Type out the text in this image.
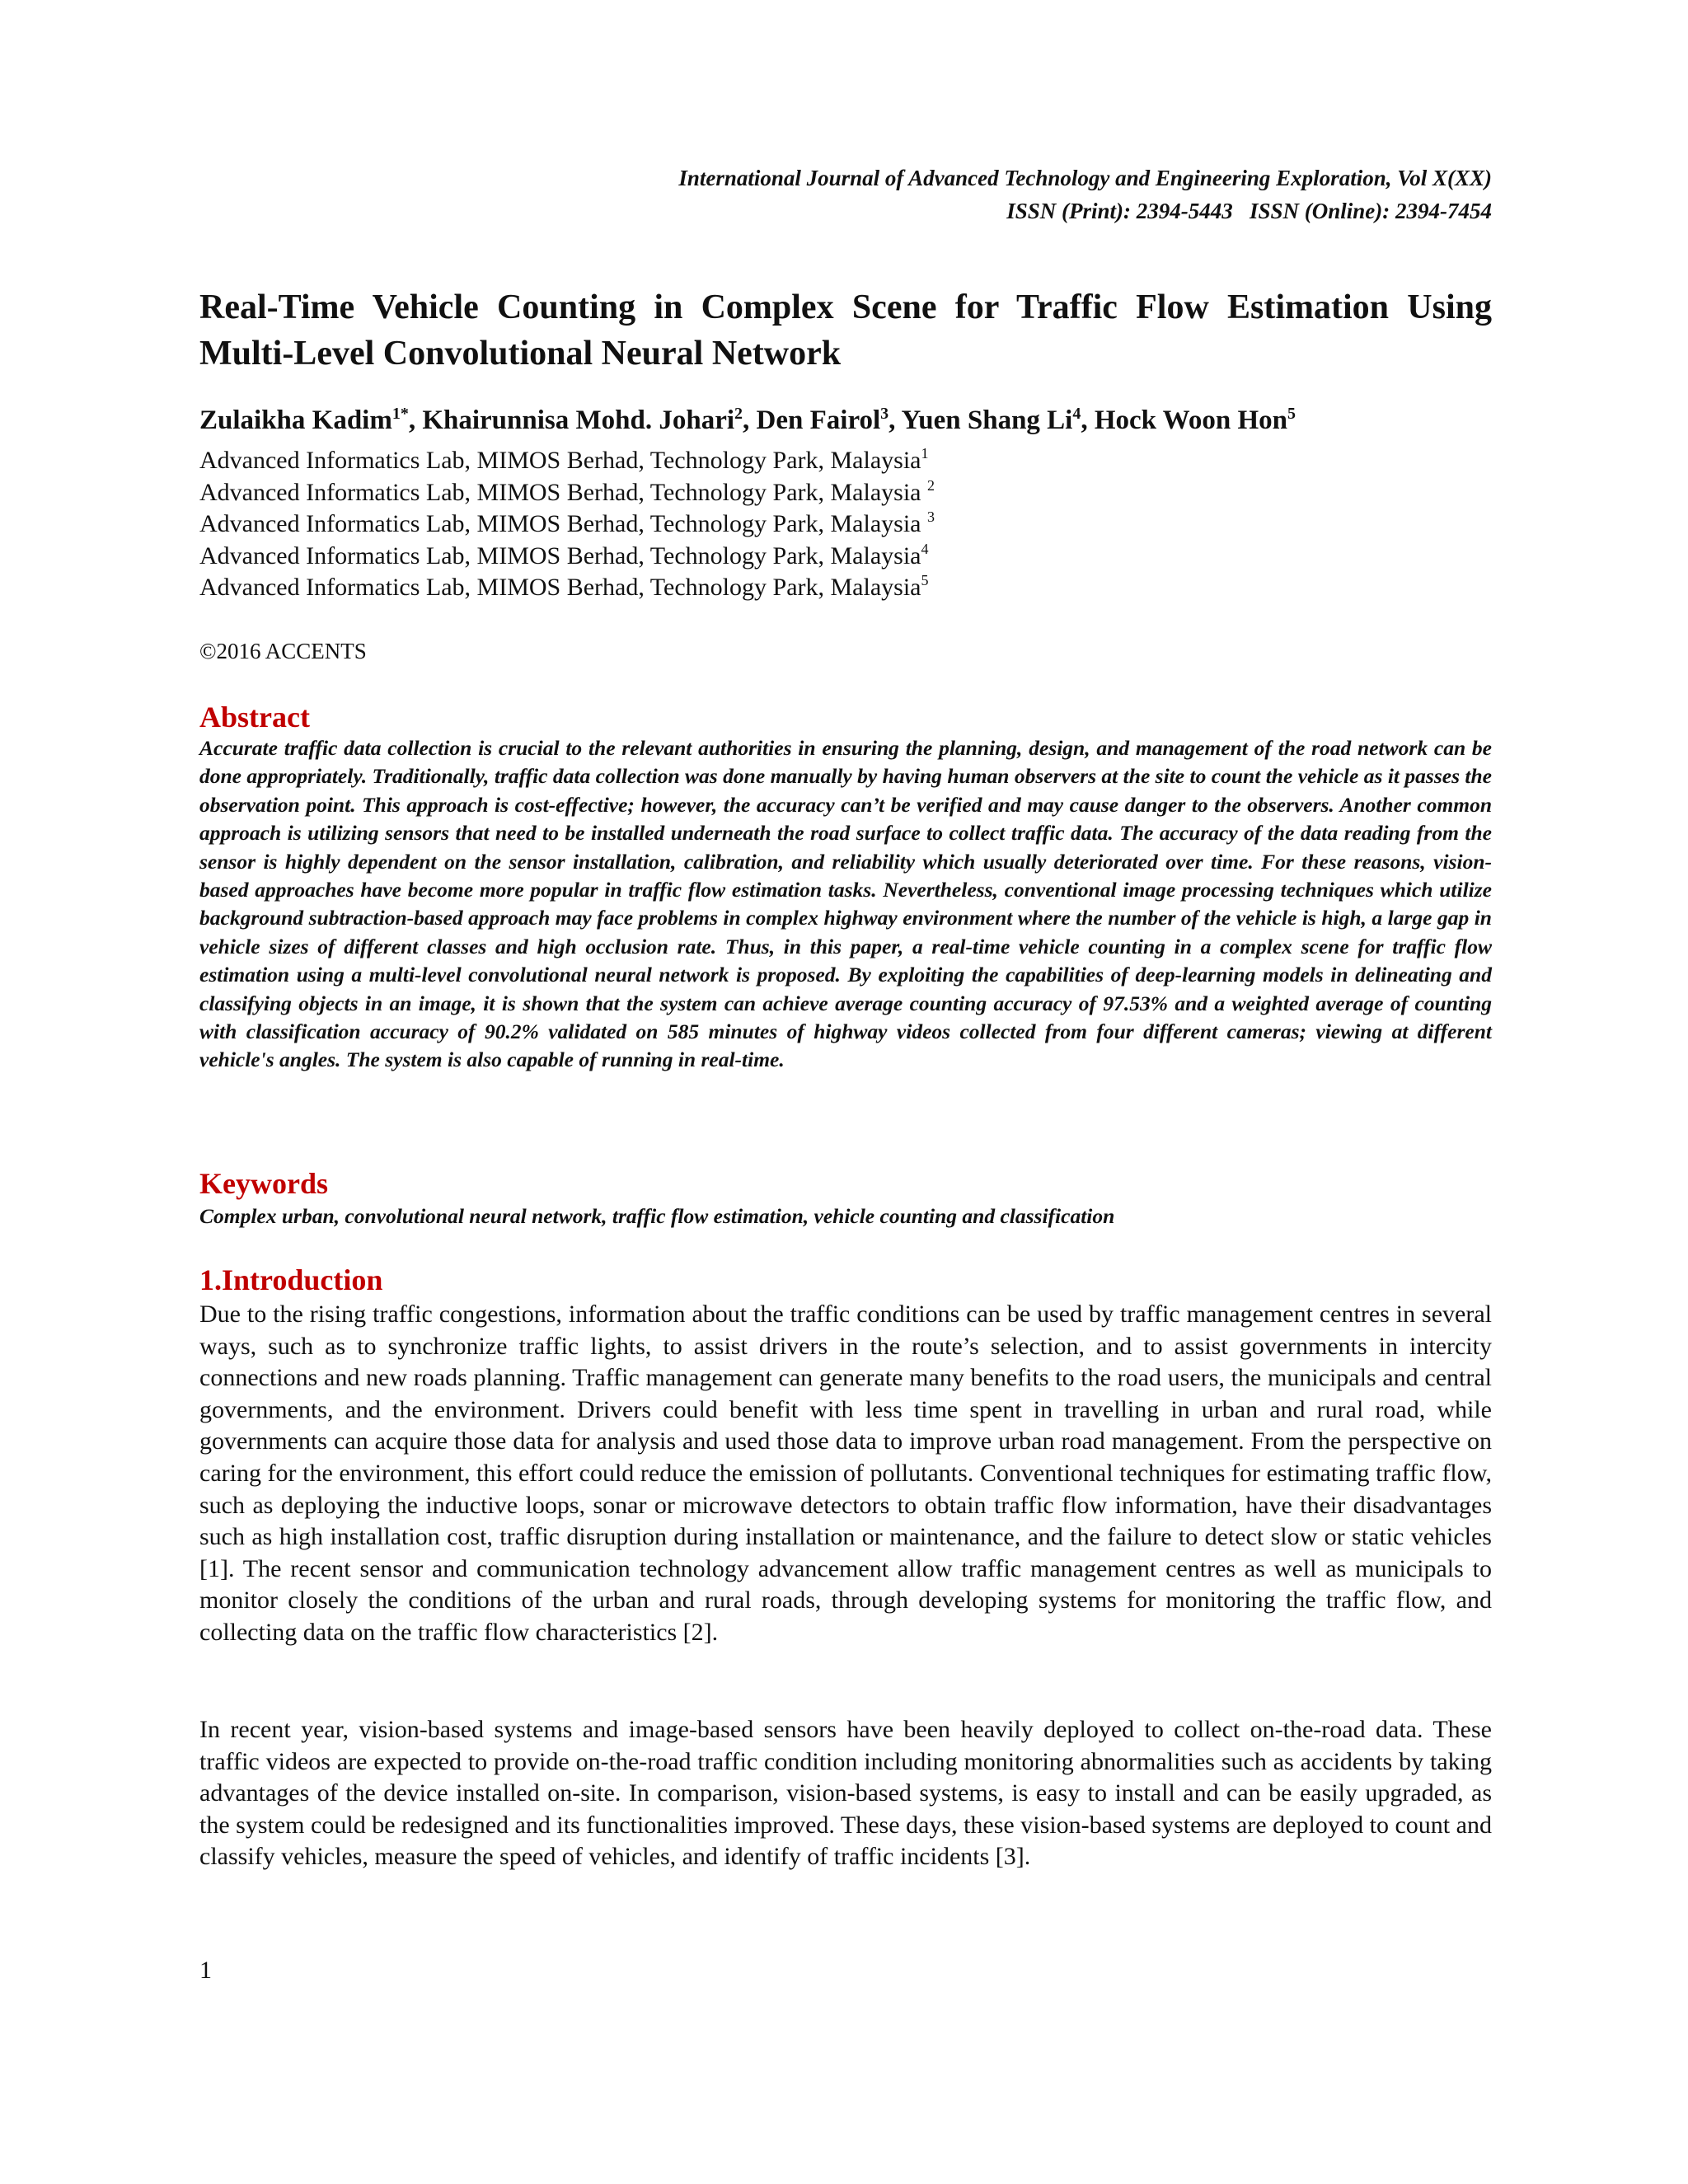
International Journal of Advanced Technology and Engineering Exploration, Vol X(XX)
ISSN (Print): 2394-5443   ISSN (Online): 2394-7454
Real-Time Vehicle Counting in Complex Scene for Traffic Flow Estimation Using Multi-Level Convolutional Neural Network
Zulaikha Kadim$^{1*}$, Khairunnisa Mohd. Johari$^2$, Den Fairol$^3$, Yuen Shang Li$^4$, Hock Woon Hon$^5$
Advanced Informatics Lab, MIMOS Berhad, Technology Park, Malaysia$^1$
Advanced Informatics Lab, MIMOS Berhad, Technology Park, Malaysia $^2$
Advanced Informatics Lab, MIMOS Berhad, Technology Park, Malaysia $^3$
Advanced Informatics Lab, MIMOS Berhad, Technology Park, Malaysia$^4$
Advanced Informatics Lab, MIMOS Berhad, Technology Park, Malaysia$^5$
©2016 ACCENTS
Abstract

Accurate traffic data collection is crucial to the relevant authorities in ensuring the planning, design, and management of the road network can be done appropriately. Traditionally, traffic data collection was done manually by having human observers at the site to count the vehicle as it passes the observation point. This approach is cost-effective; however, the accuracy can’t be verified and may cause danger to the observers. Another common approach is utilizing sensors that need to be installed underneath the road surface to collect traffic data. The accuracy of the data reading from the sensor is highly dependent on the sensor installation, calibration, and reliability which usually deteriorated over time. For these reasons, vision-based approaches have become more popular in traffic flow estimation tasks. Nevertheless, conventional image processing techniques which utilize background subtraction-based approach may face problems in complex highway environment where the number of the vehicle is high, a large gap in vehicle sizes of different classes and high occlusion rate. Thus, in this paper, a real-time vehicle counting in a complex scene for traffic flow estimation using a multi-level convolutional neural network is proposed. By exploiting the capabilities of deep-learning models in delineating and classifying objects in an image, it is shown that the system can achieve average counting accuracy of 97.53% and a weighted average of counting with classification accuracy of 90.2% validated on 585 minutes of highway videos collected from four different cameras; viewing at different vehicle's angles. The system is also capable of running in real-time.

Keywords

Complex urban, convolutional neural network, traffic flow estimation, vehicle counting and classification

1.Introduction

Due to the rising traffic congestions, information about the traffic conditions can be used by traffic management centres in several ways, such as to synchronize traffic lights, to assist drivers in the route’s selection, and to assist governments in intercity connections and new roads planning. Traffic management can generate many benefits to the road users, the municipals and central governments, and the environment. Drivers could benefit with less time spent in travelling in urban and rural road, while governments can acquire those data for analysis and used those data to improve urban road management. From the perspective on caring for the environment, this effort could reduce the emission of pollutants. Conventional techniques for estimating traffic flow, such as deploying the inductive loops, sonar or microwave detectors to obtain traffic flow information, have their disadvantages such as high installation cost, traffic disruption during installation or maintenance, and the failure to detect slow or static vehicles [1]. The recent sensor and communication technology advancement allow traffic management centres as well as municipals to monitor closely the conditions of the urban and rural roads, through developing systems for monitoring the traffic flow, and collecting data on the traffic flow characteristics [2].

In recent year, vision-based systems and image-based sensors have been heavily deployed to collect on-the-road data. These traffic videos are expected to provide on-the-road traffic condition including monitoring abnormalities such as accidents by taking advantages of the device installed on-site. In comparison, vision-based systems, is easy to install and can be easily upgraded, as the system could be redesigned and its functionalities improved. These days, these vision-based systems are deployed to count and classify vehicles, measure the speed of vehicles, and identify of traffic incidents [3].

1
